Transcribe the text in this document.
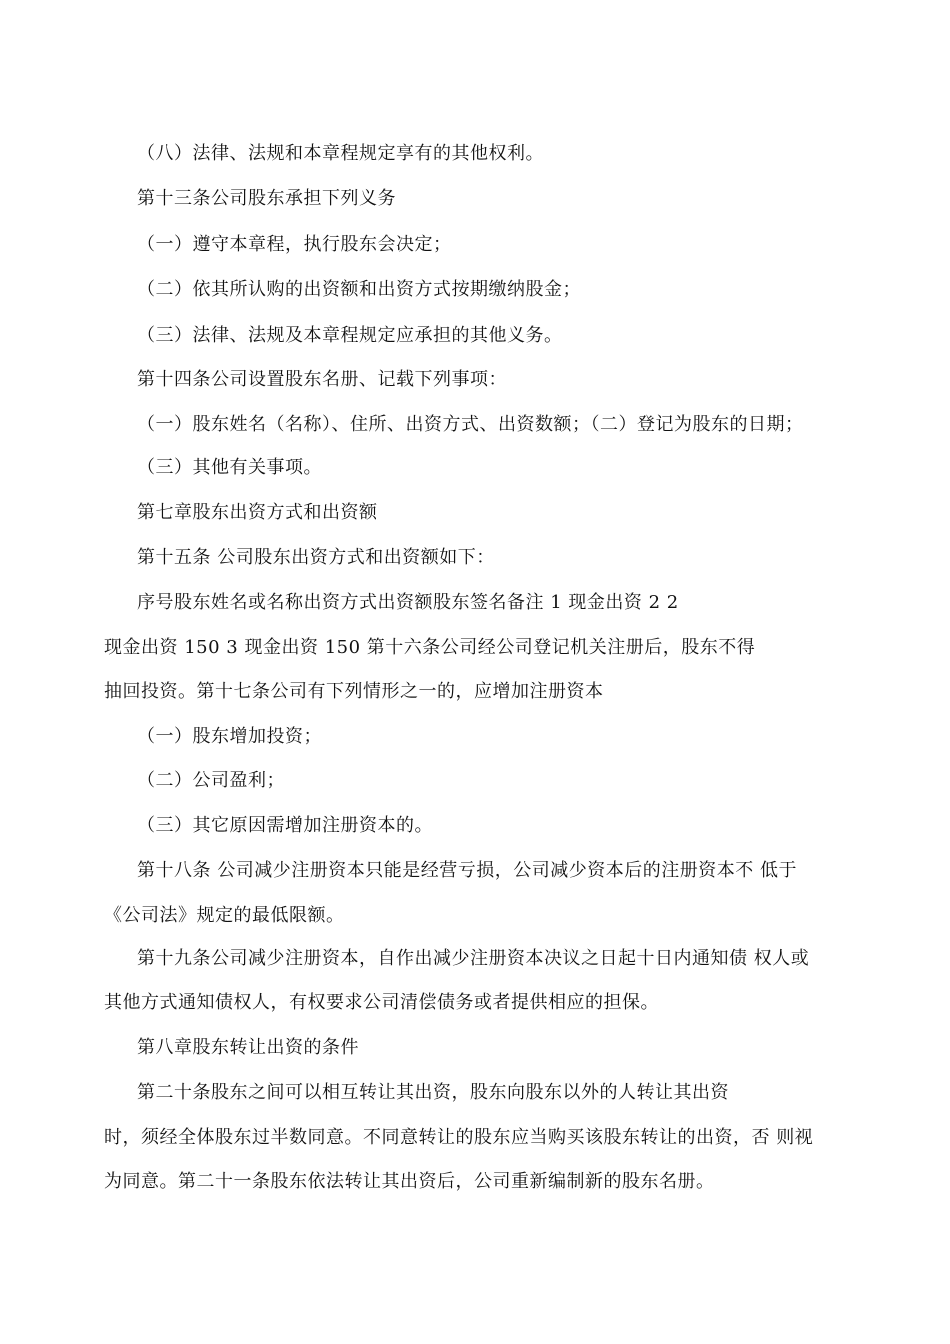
（八）法律、法规和本章程规定享有的其他权利。
第十三条公司股东承担下列义务
（一）遵守本章程，执行股东会决定；
（二）依其所认购的出资额和出资方式按期缴纳股金；
（三）法律、法规及本章程规定应承担的其他义务。
第十四条公司设置股东名册、记载下列事项：
（一）股东姓名（名称）、住所、出资方式、出资数额；（二）登记为股东的日期；
（三）其他有关事项。
第七章股东出资方式和出资额
第十五条 公司股东出资方式和出资额如下：
序号股东姓名或名称出资方式出资额股东签名备注 1 现金出资 2 2
现金出资 150 3 现金出资 150 第十六条公司经公司登记机关注册后，股东不得
抽回投资。第十七条公司有下列情形之一的，应增加注册资本
（一）股东增加投资；
（二）公司盈利；
（三）其它原因需增加注册资本的。
第十八条 公司减少注册资本只能是经营亏损，公司减少资本后的注册资本不 低于
《公司法》规定的最低限额。
第十九条公司减少注册资本，自作出减少注册资本决议之日起十日内通知债 权人或
其他方式通知债权人，有权要求公司清偿债务或者提供相应的担保。
第八章股东转让出资的条件
第二十条股东之间可以相互转让其出资，股东向股东以外的人转让其出资
时，须经全体股东过半数同意。不同意转让的股东应当购买该股东转让的出资，否 则视
为同意。第二十一条股东依法转让其出资后，公司重新编制新的股东名册。
